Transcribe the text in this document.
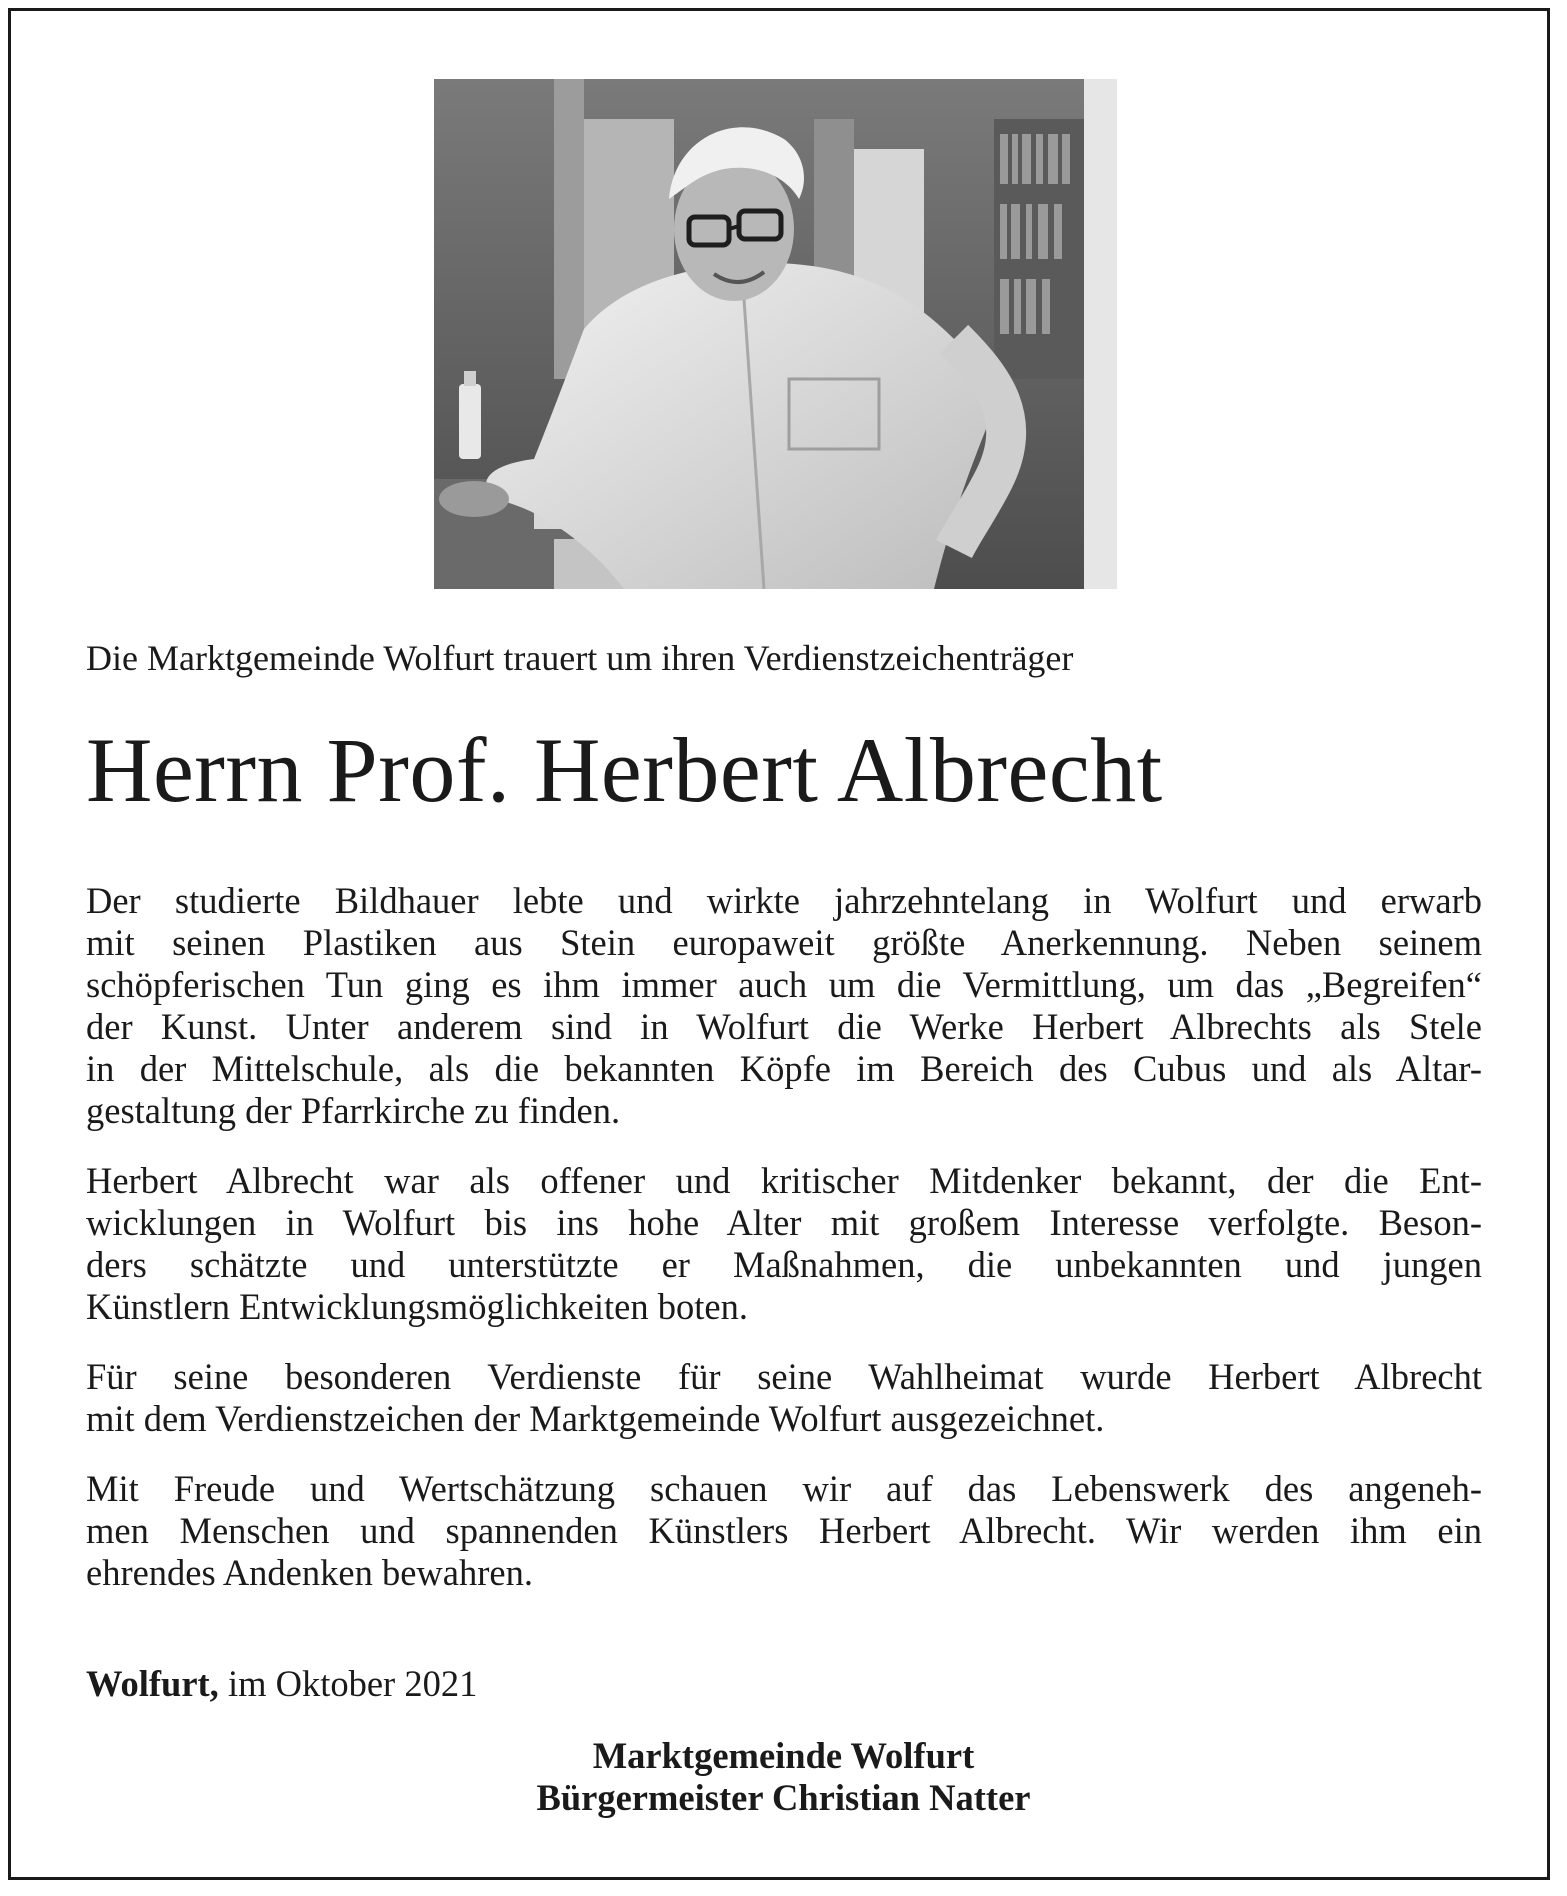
Die Marktgemeinde Wolfurt trauert um ihren Verdienstzeichenträger
Herrn Prof. Herbert Albrecht
Der studierte Bildhauer lebte und wirkte jahrzehntelang in Wolfurt und erwarb
mit seinen Plastiken aus Stein europaweit größte Anerkennung. Neben seinem
schöpferischen Tun ging es ihm immer auch um die Vermittlung, um das „Begreifen“
der Kunst. Unter anderem sind in Wolfurt die Werke Herbert Albrechts als Stele
in der Mittelschule, als die bekannten Köpfe im Bereich des Cubus und als Altar-
gestaltung der Pfarrkirche zu finden.
Herbert Albrecht war als offener und kritischer Mitdenker bekannt, der die Ent-
wicklungen in Wolfurt bis ins hohe Alter mit großem Interesse verfolgte. Beson-
ders schätzte und unterstützte er Maßnahmen, die unbekannten und jungen
Künstlern Entwicklungsmöglichkeiten boten.
Für seine besonderen Verdienste für seine Wahlheimat wurde Herbert Albrecht
mit dem Verdienstzeichen der Marktgemeinde Wolfurt ausgezeichnet.
Mit Freude und Wertschätzung schauen wir auf das Lebenswerk des angeneh-
men Menschen und spannenden Künstlers Herbert Albrecht. Wir werden ihm ein
ehrendes Andenken bewahren.
Wolfurt, im Oktober 2021
Marktgemeinde Wolfurt
Bürgermeister Christian Natter
